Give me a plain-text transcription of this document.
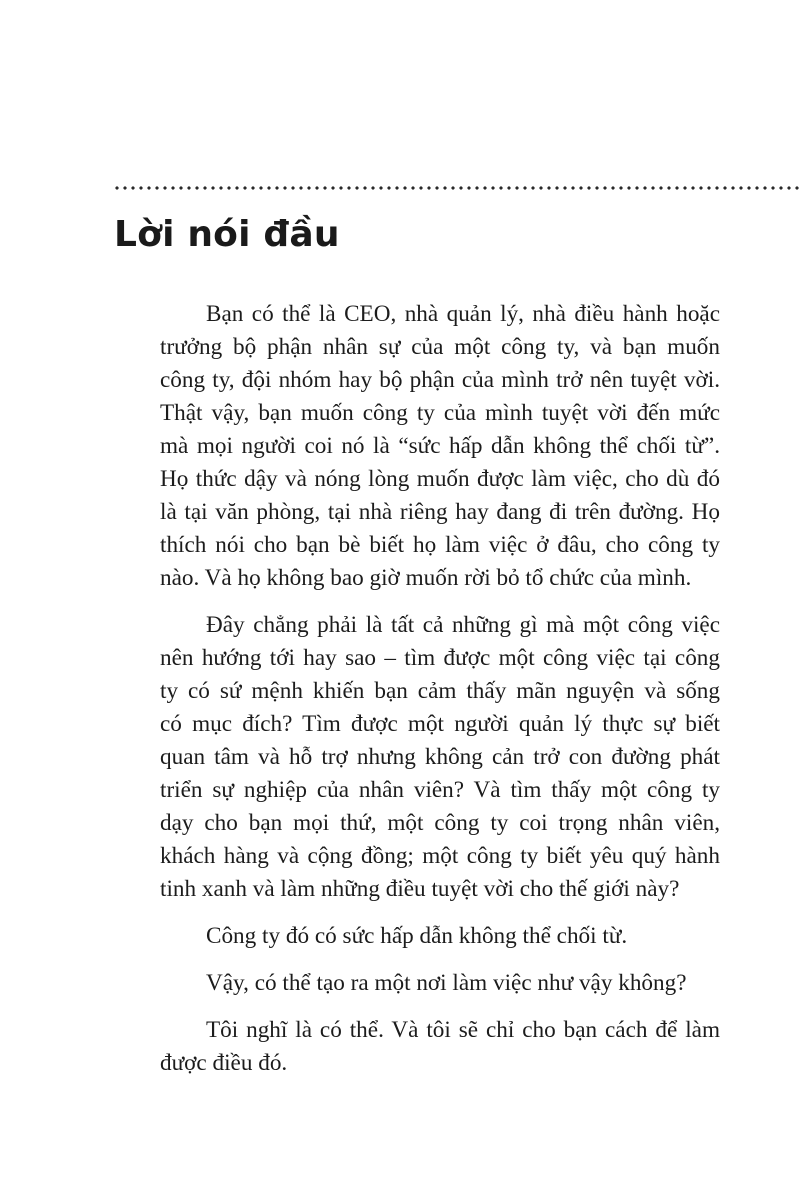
Lời nói đầu

Bạn có thể là CEO, nhà quản lý, nhà điều hành hoặc
trưởng bộ phận nhân sự của một công ty, và bạn muốn
công ty, đội nhóm hay bộ phận của mình trở nên tuyệt vời.
Thật vậy, bạn muốn công ty của mình tuyệt vời đến mức
mà mọi người coi nó là “sức hấp dẫn không thể chối từ”.
Họ thức dậy và nóng lòng muốn được làm việc, cho dù đó
là tại văn phòng, tại nhà riêng hay đang đi trên đường. Họ
thích nói cho bạn bè biết họ làm việc ở đâu, cho công ty
nào. Và họ không bao giờ muốn rời bỏ tổ chức của mình.

Đây chẳng phải là tất cả những gì mà một công việc
nên hướng tới hay sao – tìm được một công việc tại công
ty có sứ mệnh khiến bạn cảm thấy mãn nguyện và sống
có mục đích? Tìm được một người quản lý thực sự biết
quan tâm và hỗ trợ nhưng không cản trở con đường phát
triển sự nghiệp của nhân viên? Và tìm thấy một công ty
dạy cho bạn mọi thứ, một công ty coi trọng nhân viên,
khách hàng và cộng đồng; một công ty biết yêu quý hành
tinh xanh và làm những điều tuyệt vời cho thế giới này?

Công ty đó có sức hấp dẫn không thể chối từ.

Vậy, có thể tạo ra một nơi làm việc như vậy không?

Tôi nghĩ là có thể. Và tôi sẽ chỉ cho bạn cách để làm
được điều đó.
